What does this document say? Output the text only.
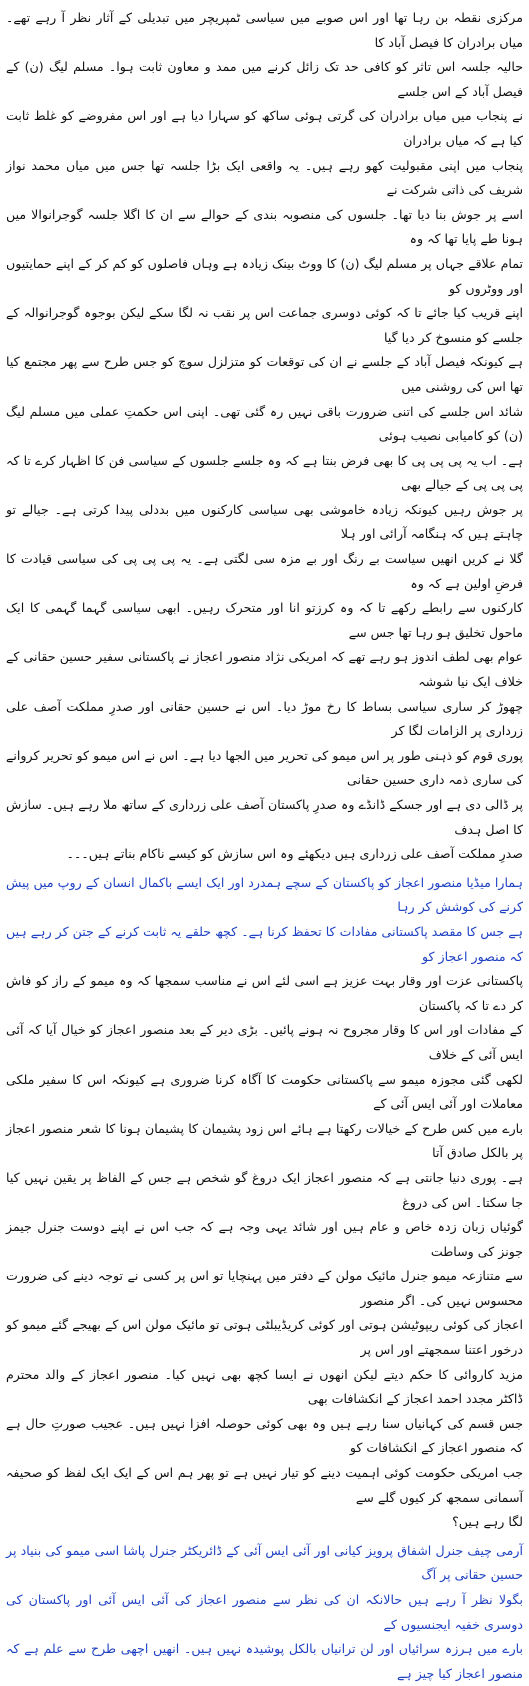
مرکزی نقطہ بن رہا تھا اور اس صوبے میں سیاسی ٹمپریچر میں تبدیلی کے آثار نظر آ رہے تھے۔ میاں برادران کا فیصل آباد کا
حالیہ جلسہ اس تاثر کو کافی حد تک زائل کرنے میں ممد و معاون ثابت ہوا۔ مسلم لیگ (ن) کے فیصل آباد کے اس جلسے
نے پنجاب میں میاں برادران کی گرتی ہوئی ساکھ کو سہارا دیا ہے اور اس مفروضے کو غلط ثابت کیا ہے کہ میاں برادران
پنجاب میں اپنی مقبولیت کھو رہے ہیں۔ یہ واقعی ایک بڑا جلسہ تھا جس میں میاں محمد نواز شریف کی ذاتی شرکت نے
اسے پر جوش بنا دیا تھا۔ جلسوں کی منصوبہ بندی کے حوالے سے ان کا اگلا جلسہ گوجرانوالا میں ہونا طے پایا تھا کہ وہ
تمام علاقے جہاں پر مسلم لیگ (ن) کا ووٹ بینک زیادہ ہے وہاں فاصلوں کو کم کر کے اپنے حمایتیوں اور ووٹروں کو
اپنے قریب کیا جائے تا کہ کوئی دوسری جماعت اس پر نقب نہ لگا سکے لیکن بوجوہ گوجرانوالہ کے جلسے کو منسوخ کر دیا گیا
ہے کیونکہ فیصل آباد کے جلسے نے ان کی توقعات کو متزلزل سوچ کو جس طرح سے پھر مجتمع کیا تھا اس کی روشنی میں
شائد اس جلسے کی اتنی ضرورت باقی نہیں رہ گئی تھی۔ اپنی اس حکمتِ عملی میں مسلم لیگ (ن) کو کامیابی نصیب ہوئی
ہے۔ اب یہ پی پی پی کا بھی فرض بنتا ہے کہ وہ جلسے جلسوں کے سیاسی فن کا اظہار کرے تا کہ پی پی پی کے جیالے بھی
پر جوش رہیں کیونکہ زیادہ خاموشی بھی سیاسی کارکنوں میں بددلی پیدا کرتی ہے۔ جیالے تو چاہتے ہیں کہ ہنگامہ آرائی اور ہلا
گلا نے کریں انھیں سیاست بے رنگ اور بے مزہ سی لگتی ہے۔ یہ پی پی پی کی سیاسی قیادت کا فرضِ اولین ہے کہ وہ
کارکنوں سے رابطے رکھے تا کہ وہ کرزتو انا اور متحرک رہیں۔ ابھی سیاسی گہما گہمی کا ایک ماحول تخلیق ہو رہا تھا جس سے
عوام بھی لطف اندوز ہو رہے تھے کہ امریکی نژاد منصور اعجاز نے پاکستانی سفیر حسین حقانی کے خلاف ایک نیا شوشہ
چھوڑ کر ساری سیاسی بساط کا رخ موڑ دیا۔ اس نے حسین حقانی اور صدرِ مملکت آصف علی زرداری پر الزامات لگا کر
پوری قوم کو ذہنی طور پر اس میمو کی تحریر میں الجھا دیا ہے۔ اس نے اس میمو کو تحریر کروانے کی ساری ذمہ داری حسین حقانی
پر ڈالی دی ہے اور جسکے ڈانڈے وہ صدرِ پاکستان آصف علی زرداری کے ساتھ ملا رہے ہیں۔ سازش کا اصل ہدف
صدرِ مملکت آصف علی زرداری ہیں دیکھئے وہ اس سازش کو کیسے ناکام بناتے ہیں۔۔۔

ہمارا میڈیا منصور اعجاز کو پاکستان کے سچے ہمدرد اور ایک ایسے باکمال انسان کے روپ میں پیش کرنے کی کوشش کر رہا
ہے جس کا مقصد پاکستانی مفادات کا تحفظ کرنا ہے۔ کچھ حلقے یہ ثابت کرنے کے جتن کر رہے ہیں کہ منصور اعجاز کو

پاکستانی عزت اور وقار بہت عزیز ہے اسی لئے اس نے مناسب سمجھا کہ وہ میمو کے راز کو فاش کر دے تا کہ پاکستان
کے مفادات اور اس کا وقار مجروح نہ ہونے پائیں۔ بڑی دیر کے بعد منصور اعجاز کو خیال آیا کہ آئی ایس آئی کے خلاف
لکھی گئی مجوزہ میمو سے پاکستانی حکومت کا آگاہ کرنا ضروری ہے کیونکہ اس کا سفیر ملکی معاملات اور آئی ایس آئی کے
بارے میں کس طرح کے خیالات رکھتا ہے ہائے اس زود پشیمان کا پشیمان ہونا کا شعر منصور اعجاز پر بالکل صادق آتا
ہے۔ پوری دنیا جانتی ہے کہ منصور اعجاز ایک دروغ گو شخص ہے جس کے الفاظ پر یقین نہیں کیا جا سکتا۔ اس کی دروغ
گوئیاں زبان زدہ خاص و عام ہیں اور شائد یہی وجہ ہے کہ جب اس نے اپنے دوست جنرل جیمز جونز کی وساطت
سے متنازعہ میمو جنرل مائیک مولن کے دفتر میں پہنچایا تو اس پر کسی نے توجہ دینے کی ضرورت محسوس نہیں کی۔ اگر منصور
اعجاز کی کوئی ریپوٹیشن ہوتی اور کوئی کریڈیبلٹی ہوتی تو مائیک مولن اس کے بھیجے گئے میمو کو درخور اعتنا سمجھتے اور اس پر
مزید کاروائی کا حکم دیتے لیکن انھوں نے ایسا کچھ بھی نہیں کیا۔ منصور اعجاز کے والد محترم ڈاکٹر مجدد احمد اعجاز کے انکشافات بھی
جس قسم کی کہانیاں سنا رہے ہیں وہ بھی کوئی حوصلہ افزا نہیں ہیں۔ عجیب صورتِ حال ہے کہ منصور اعجاز کے انکشافات کو
جب امریکی حکومت کوئی اہمیت دینے کو تیار نہیں ہے تو پھر ہم اس کے ایک ایک لفظ کو صحیفہ آسمانی سمجھ کر کیوں گلے سے
لگا رہے ہیں؟

آرمی چیف جنرل اشفاق پرویز کیانی اور آئی ایس آئی کے ڈائریکٹر جنرل پاشا اسی میمو کی بنیاد پر حسین حقانی پر آگ
بگولا نظر آ رہے ہیں حالانکہ ان کی نظر سے منصور اعجاز کی آئی ایس آئی اور پاکستان کی دوسری خفیہ ایجنسیوں کے
بارے میں ہرزہ سرائیاں اور لن ترانیاں بالکل پوشیدہ نہیں ہیں۔ انھیں اچھی طرح سے علم ہے کہ منصور اعجاز کیا چیز ہے
